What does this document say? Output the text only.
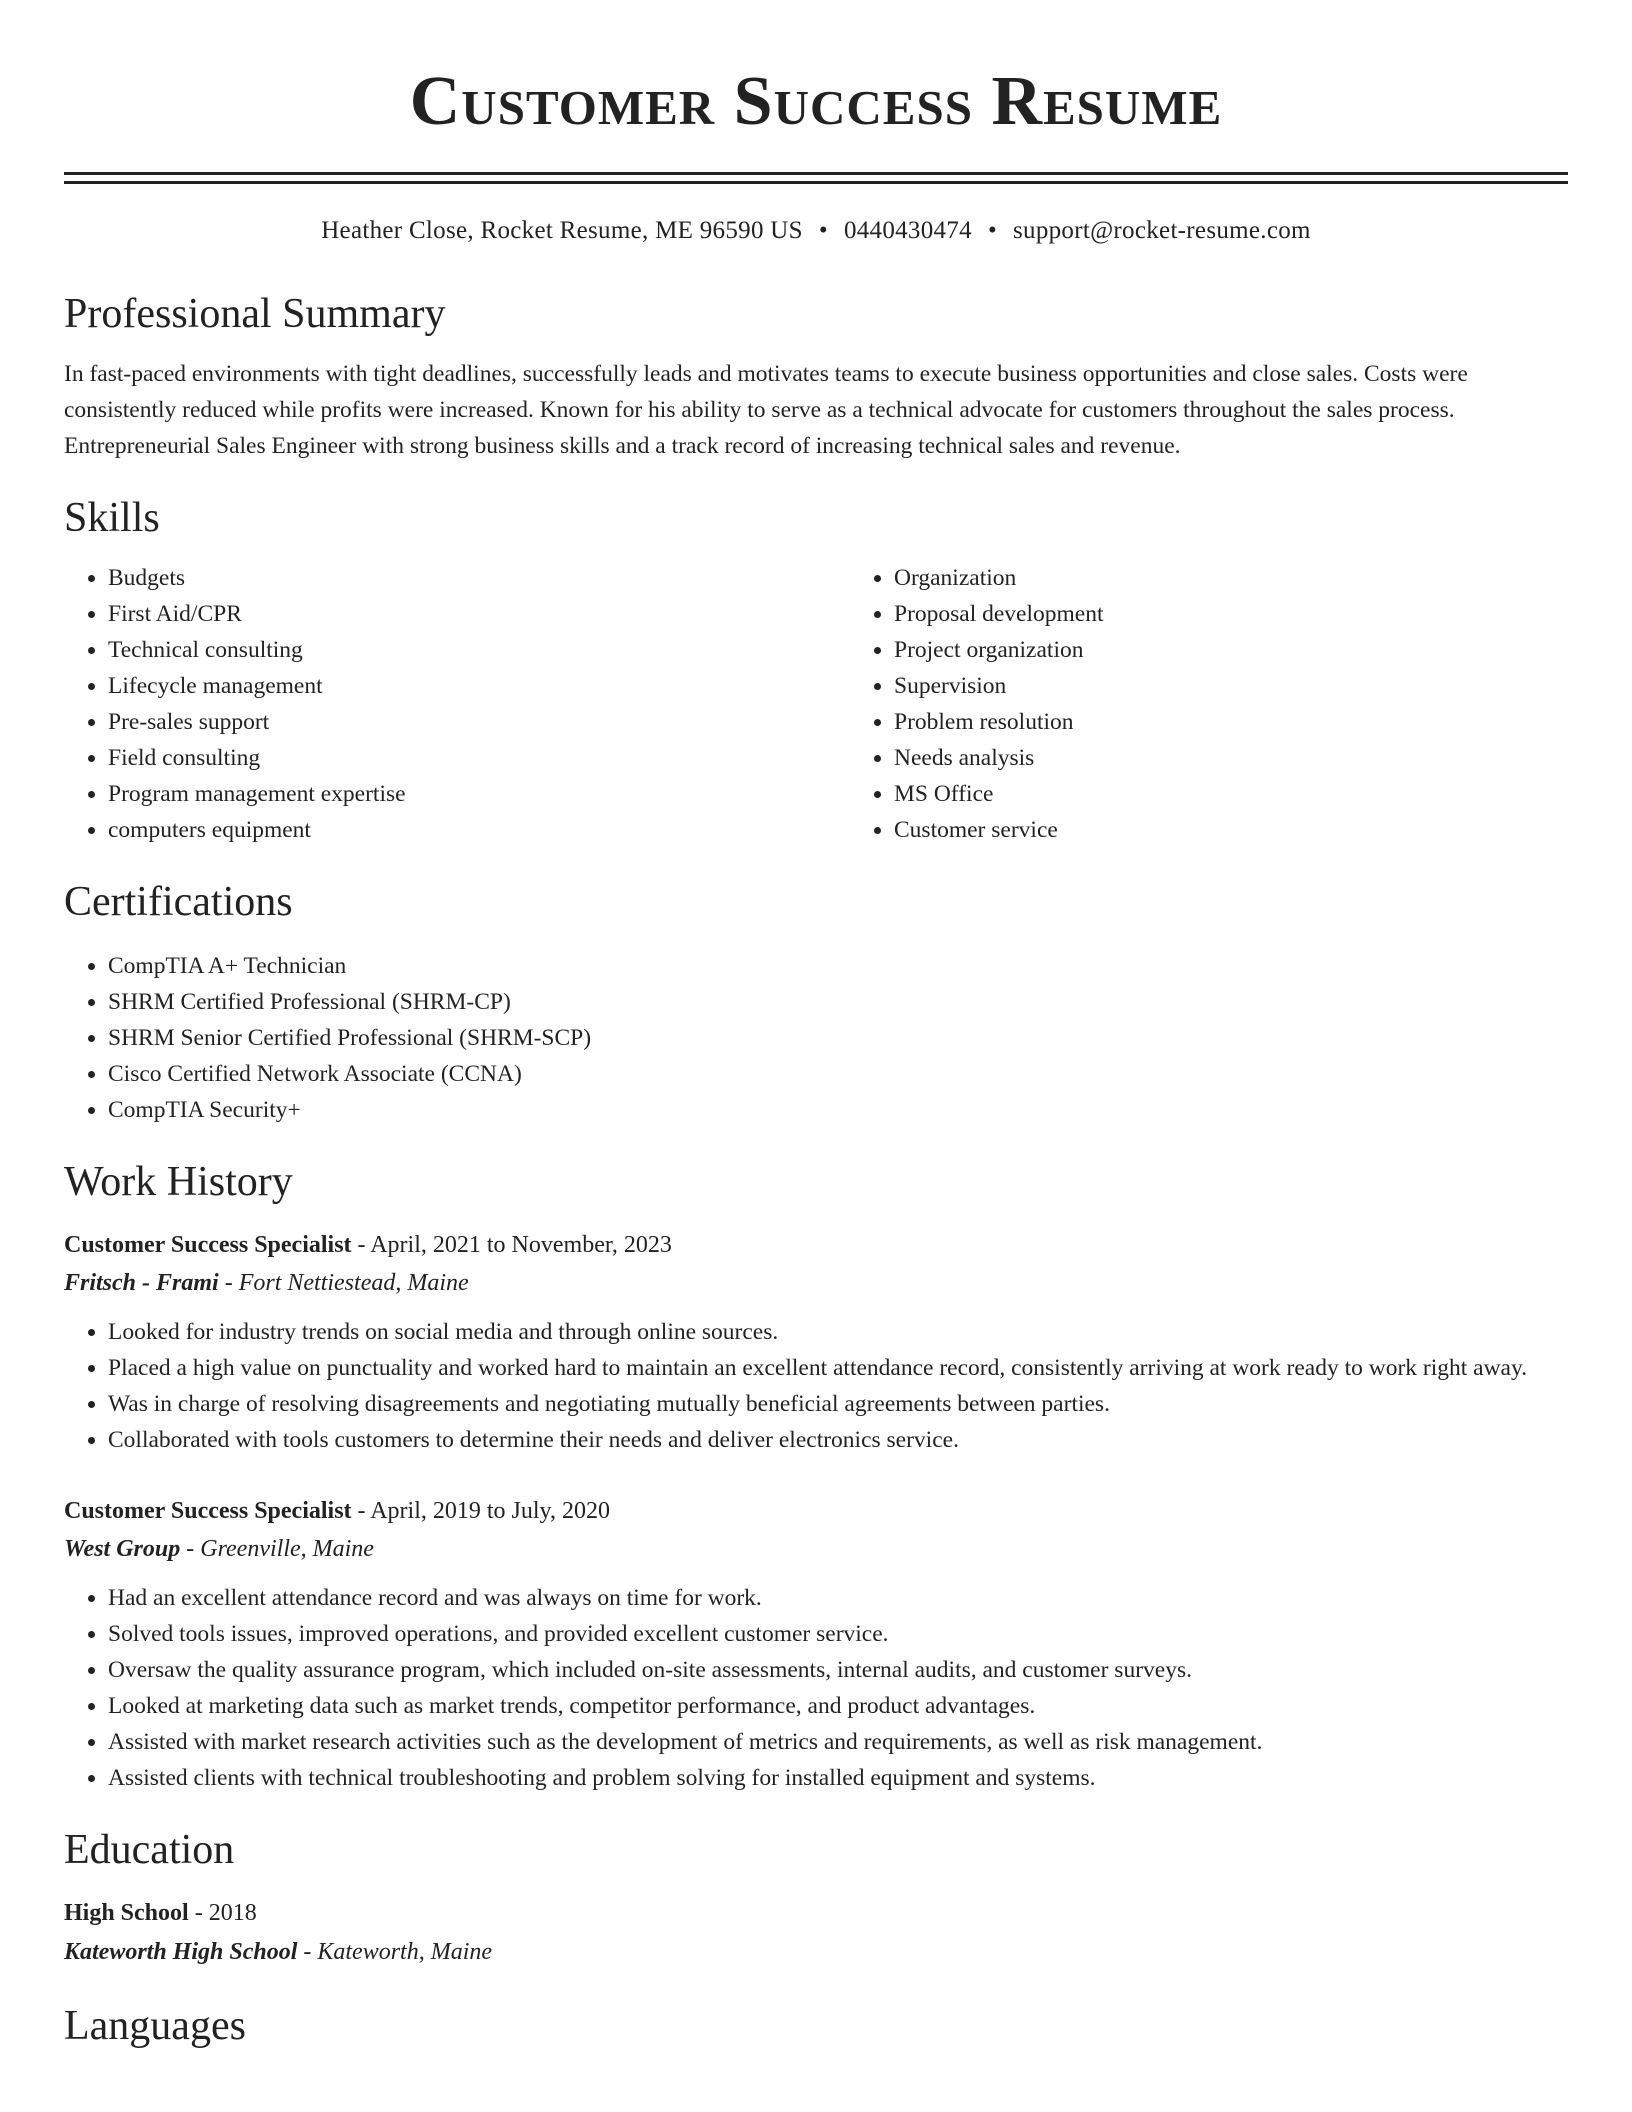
Customer Success Resume
Heather Close, Rocket Resume, ME 96590 US • 0440430474 • support@rocket-resume.com
Professional Summary

In fast-paced environments with tight deadlines, successfully leads and motivates teams to execute business opportunities and close sales. Costs were consistently reduced while profits were increased. Known for his ability to serve as a technical advocate for customers throughout the sales process. Entrepreneurial Sales Engineer with strong business skills and a track record of increasing technical sales and revenue.

Skills
• Budgets
• First Aid/CPR
• Technical consulting
• Lifecycle management
• Pre-sales support
• Field consulting
• Program management expertise
• computers equipment
• Organization
• Proposal development
• Project organization
• Supervision
• Problem resolution
• Needs analysis
• MS Office
• Customer service
Certifications
• CompTIA A+ Technician
• SHRM Certified Professional (SHRM-CP)
• SHRM Senior Certified Professional (SHRM-SCP)
• Cisco Certified Network Associate (CCNA)
• CompTIA Security+
Work History
Customer Success Specialist - April, 2021 to November, 2023
Fritsch - Frami - Fort Nettiestead, Maine
• Looked for industry trends on social media and through online sources.
• Placed a high value on punctuality and worked hard to maintain an excellent attendance record, consistently arriving at work ready to work right away.
• Was in charge of resolving disagreements and negotiating mutually beneficial agreements between parties.
• Collaborated with tools customers to determine their needs and deliver electronics service.
Customer Success Specialist - April, 2019 to July, 2020
West Group - Greenville, Maine
• Had an excellent attendance record and was always on time for work.
• Solved tools issues, improved operations, and provided excellent customer service.
• Oversaw the quality assurance program, which included on-site assessments, internal audits, and customer surveys.
• Looked at marketing data such as market trends, competitor performance, and product advantages.
• Assisted with market research activities such as the development of metrics and requirements, as well as risk management.
• Assisted clients with technical troubleshooting and problem solving for installed equipment and systems.
Education
High School - 2018
Kateworth High School - Kateworth, Maine
Languages
